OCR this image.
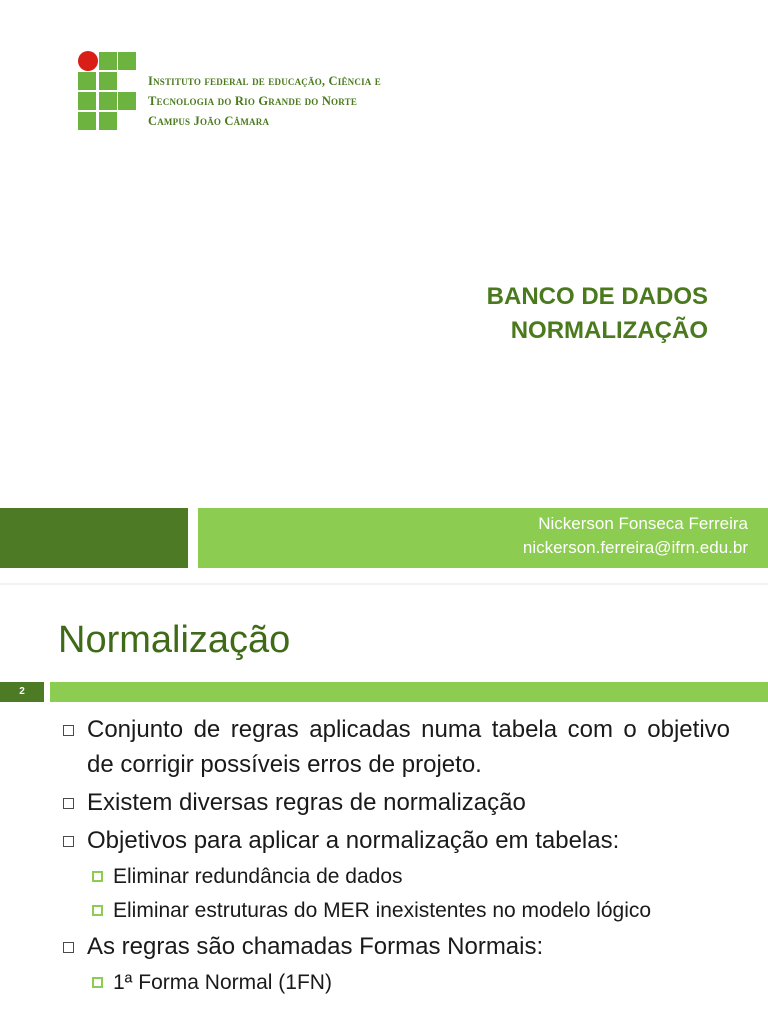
Instituto federal de educação, Ciência e
Tecnologia do Rio Grande do Norte
Campus João Câmara
BANCO DE DADOS
NORMALIZAÇÃO
Nickerson Fonseca Ferreira
nickerson.ferreira@ifrn.edu.br
Normalização
2
Conjunto de regras aplicadas numa tabela com o objetivo de corrigir possíveis erros de projeto.
Existem diversas regras de normalização
Objetivos para aplicar a normalização em tabelas:
Eliminar redundância de dados
Eliminar estruturas do MER inexistentes no modelo lógico
As regras são chamadas Formas Normais:
1ª Forma Normal (1FN)
